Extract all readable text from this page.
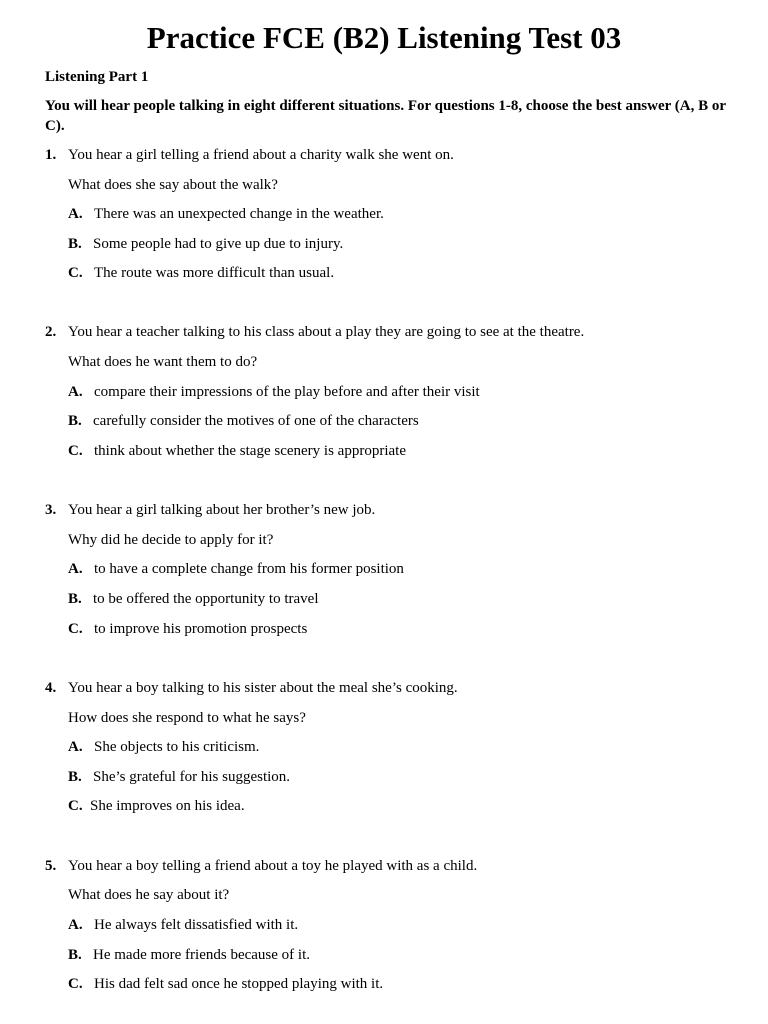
Practice FCE (B2) Listening Test 03

Listening Part 1

You will hear people talking in eight different situations. For questions 1-8, choose the best answer (A, B or C).

1. You hear a girl telling a friend about a charity walk she went on.
What does she say about the walk?
A. There was an unexpected change in the weather.
B. Some people had to give up due to injury.
C. The route was more difficult than usual.
2. You hear a teacher talking to his class about a play they are going to see at the theatre.
What does he want them to do?
A. compare their impressions of the play before and after their visit
B. carefully consider the motives of one of the characters
C. think about whether the stage scenery is appropriate
3. You hear a girl talking about her brother’s new job.
Why did he decide to apply for it?
A. to have a complete change from his former position
B. to be offered the opportunity to travel
C. to improve his promotion prospects
4. You hear a boy talking to his sister about the meal she’s cooking.
How does she respond to what he says?
A. She objects to his criticism.
B. She’s grateful for his suggestion.
C. She improves on his idea.
5. You hear a boy telling a friend about a toy he played with as a child.
What does he say about it?
A. He always felt dissatisfied with it.
B. He made more friends because of it.
C. His dad felt sad once he stopped playing with it.
